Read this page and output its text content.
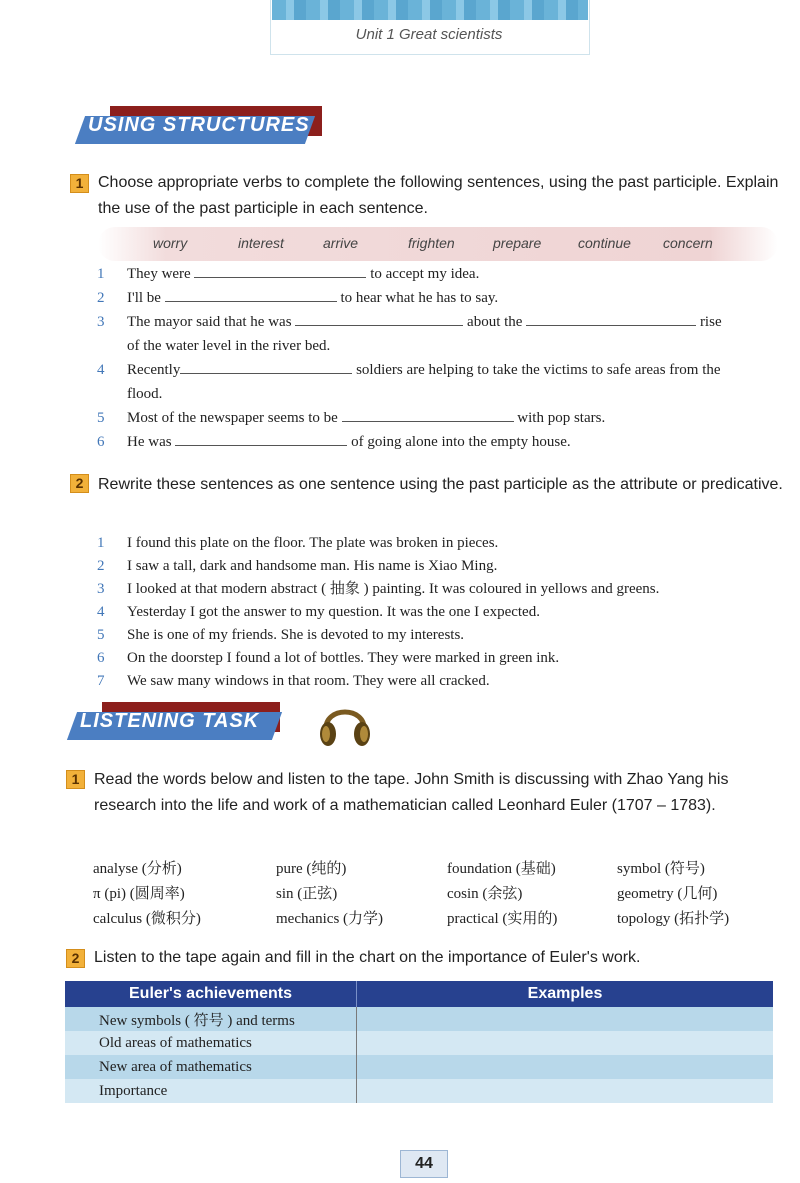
Unit 1 Great scientists
USING STRUCTURES
1 Choose appropriate verbs to complete the following sentences, using the past participle. Explain the use of the past participle in each sentence.
worry	interest	arrive	frighten	prepare	continue concern
1 They were	to accept my idea.
2 I'll be	to hear what he has to say.
3 The mayor said that he was	about the	rise
of the water level in the river bed.
4 Recently	soldiers are helping to take the victims to safe areas from the
flood.
5 Most of the newspaper seems to be	with pop stars.
6 He was	of going alone into the empty house.
2 Rewrite these sentences as one sentence using the past participle as the attribute or predicative.
1 I found this plate on the floor. The plate was broken in pieces.
2 I saw a tall, dark and handsome man. His name is Xiao Ming.
3 I looked at that modern abstract ( 抽象 ) painting. It was coloured in yellows and greens.
4 Yesterday I got the answer to my question. It was the one I expected.
5 She is one of my friends. She is devoted to my interests.
6 On the doorstep I found a lot of bottles. They were marked in green ink.
7 We saw many windows in that room. They were all cracked.
LISTENING TASK
1 Read the words below and listen to the tape. John Smith is discussing with Zhao Yang his research into the life and work of a mathematician called Leonhard Euler (1707 – 1783).
analyse (分析)	pure (纯的)	foundation (基础)	symbol (符号)
π (pi) (圆周率)	sin (正弦)	cosin (余弦)	geometry (几何)
calculus (微积分)	mechanics (力学)	practical (实用的)	topology (拓扑学)
2 Listen to the tape again and fill in the chart on the importance of Euler's work.
Euler's achievements	Examples
New symbols ( 符号 ) and terms	
Old areas of mathematics	
New area of mathematics	
Importance	
44
